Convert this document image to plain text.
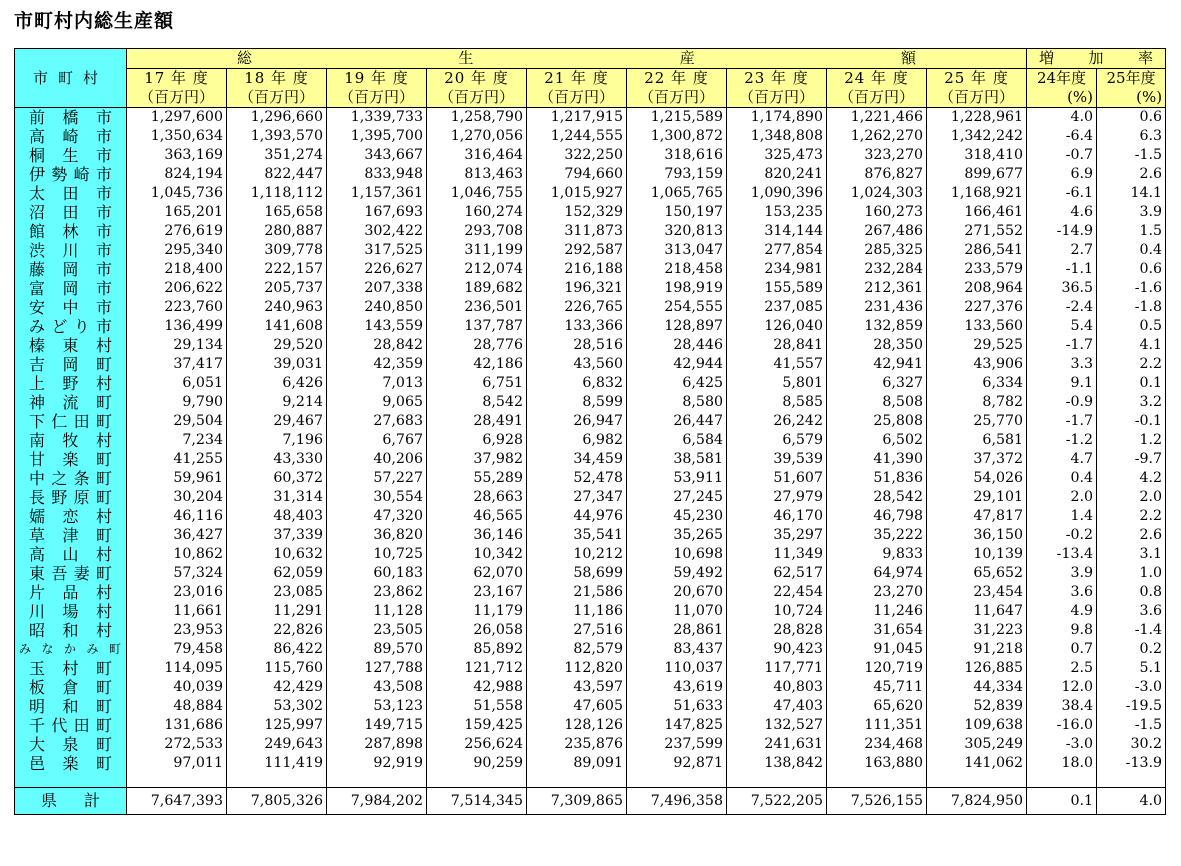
市町村内総生産額
市町村	総生産額									増加率	
	17 年 度	18 年 度	19 年 度	20 年 度	21 年 度	22 年 度	23 年 度	24 年 度	25 年 度	24年度	25年度
	（百万円）	（百万円）	（百万円）	（百万円）	（百万円）	（百万円）	（百万円）	（百万円）	（百万円）	(%)	(%)
前橋市	1,297,600	1,296,660	1,339,733	1,258,790	1,217,915	1,215,589	1,174,890	1,221,466	1,228,961	4.0	0.6
高崎市	1,350,634	1,393,570	1,395,700	1,270,056	1,244,555	1,300,872	1,348,808	1,262,270	1,342,242	-6.4	6.3
桐生市	363,169	351,274	343,667	316,464	322,250	318,616	325,473	323,270	318,410	-0.7	-1.5
伊勢崎市	824,194	822,447	833,948	813,463	794,660	793,159	820,241	876,827	899,677	6.9	2.6
太田市	1,045,736	1,118,112	1,157,361	1,046,755	1,015,927	1,065,765	1,090,396	1,024,303	1,168,921	-6.1	14.1
沼田市	165,201	165,658	167,693	160,274	152,329	150,197	153,235	160,273	166,461	4.6	3.9
館林市	276,619	280,887	302,422	293,708	311,873	320,813	314,144	267,486	271,552	-14.9	1.5
渋川市	295,340	309,778	317,525	311,199	292,587	313,047	277,854	285,325	286,541	2.7	0.4
藤岡市	218,400	222,157	226,627	212,074	216,188	218,458	234,981	232,284	233,579	-1.1	0.6
富岡市	206,622	205,737	207,338	189,682	196,321	198,919	155,589	212,361	208,964	36.5	-1.6
安中市	223,760	240,963	240,850	236,501	226,765	254,555	237,085	231,436	227,376	-2.4	-1.8
みどり市	136,499	141,608	143,559	137,787	133,366	128,897	126,040	132,859	133,560	5.4	0.5
榛東村	29,134	29,520	28,842	28,776	28,516	28,446	28,841	28,350	29,525	-1.7	4.1
吉岡町	37,417	39,031	42,359	42,186	43,560	42,944	41,557	42,941	43,906	3.3	2.2
上野村	6,051	6,426	7,013	6,751	6,832	6,425	5,801	6,327	6,334	9.1	0.1
神流町	9,790	9,214	9,065	8,542	8,599	8,580	8,585	8,508	8,782	-0.9	3.2
下仁田町	29,504	29,467	27,683	28,491	26,947	26,447	26,242	25,808	25,770	-1.7	-0.1
南牧村	7,234	7,196	6,767	6,928	6,982	6,584	6,579	6,502	6,581	-1.2	1.2
甘楽町	41,255	43,330	40,206	37,982	34,459	38,581	39,539	41,390	37,372	4.7	-9.7
中之条町	59,961	60,372	57,227	55,289	52,478	53,911	51,607	51,836	54,026	0.4	4.2
長野原町	30,204	31,314	30,554	28,663	27,347	27,245	27,979	28,542	29,101	2.0	2.0
嬬恋村	46,116	48,403	47,320	46,565	44,976	45,230	46,170	46,798	47,817	1.4	2.2
草津町	36,427	37,339	36,820	36,146	35,541	35,265	35,297	35,222	36,150	-0.2	2.6
高山村	10,862	10,632	10,725	10,342	10,212	10,698	11,349	9,833	10,139	-13.4	3.1
東吾妻町	57,324	62,059	60,183	62,070	58,699	59,492	62,517	64,974	65,652	3.9	1.0
片品村	23,016	23,085	23,862	23,167	21,586	20,670	22,454	23,270	23,454	3.6	0.8
川場村	11,661	11,291	11,128	11,179	11,186	11,070	10,724	11,246	11,647	4.9	3.6
昭和村	23,953	22,826	23,505	26,058	27,516	28,861	28,828	31,654	31,223	9.8	-1.4
みなかみ町	79,458	86,422	89,570	85,892	82,579	83,437	90,423	91,045	91,218	0.7	0.2
玉村町	114,095	115,760	127,788	121,712	112,820	110,037	117,771	120,719	126,885	2.5	5.1
板倉町	40,039	42,429	43,508	42,988	43,597	43,619	40,803	45,711	44,334	12.0	-3.0
明和町	48,884	53,302	53,123	51,558	47,605	51,633	47,403	65,620	52,839	38.4	-19.5
千代田町	131,686	125,997	149,715	159,425	128,126	147,825	132,527	111,351	109,638	-16.0	-1.5
大泉町	272,533	249,643	287,898	256,624	235,876	237,599	241,631	234,468	305,249	-3.0	30.2
邑楽町	97,011	111,419	92,919	90,259	89,091	92,871	138,842	163,880	141,062	18.0	-13.9

県計	7,647,393	7,805,326	7,984,202	7,514,345	7,309,865	7,496,358	7,522,205	7,526,155	7,824,950	0.1	4.0
